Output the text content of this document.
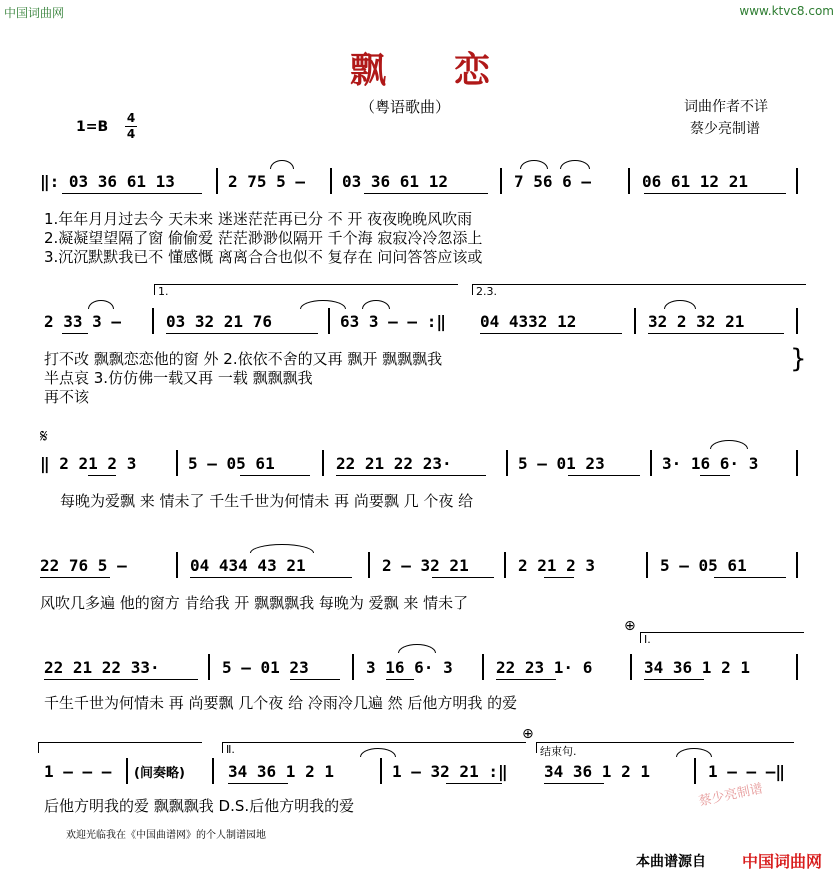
中国词曲网	www.ktvc8.com
飘恋
（粤语歌曲）	词曲作者不详
蔡少亮制谱
1=B
4
4
‖: 03 36 61 13	2 75 5 – 03 36 61 12	7 56 6 –	06 61 12 21
1.年年月月过去今 天未来 迷迷茫茫再已分 不 开 夜夜晚晚风吹雨
2.凝凝望望隔了窗 偷偷爱 茫茫渺渺似隔开 千个海 寂寂冷冷忽添上
3.沉沉默默我已不 懂感慨 离离合合也似不 复存在 问问答答应该或
1.	2.3.
2 33 3 –	03 32 21 76	63 3 – – :‖ 04 4332 12	32 2 32 21
打不改 飘飘恋恋他的窗 外 2.依依不舍的又再 飘开 飘飘飘我
半点哀 3.仿仿佛一载又再 一载 飘飘飘我
再不该
}
𝄋
‖ 2 21 2 3	5 – 05 61	22 21 22 23·	5 – 01 23	3· 16 6· 3
每晚为爱飘 来 情未了 千生千世为何情未 再 尚要飘 几 个夜 给
22 76 5 –	04 434 43 21	2 – 32 21	2 21 2 3	5 – 05 61
风吹几多遍 他的窗方 肯给我 开 飘飘飘我 每晚为 爱飘 来 情未了
⊕
Ⅰ.
22 21 22 33·	5 – 01 23	3 16 6· 3	22 23 1· 6	34 36 1 2 1
千生千世为何情未 再 尚要飘 几个夜 给 冷雨冷几遍 然 后他方明我 的爱
Ⅱ.
⊕
结束句.
1 – – – (间奏略)	34 36 1 2 1	1 – 32 21 :‖ 34 36 1 2 1	1 – – –‖
后他方明我的爱 飘飘飘我 D.S.后他方明我的爱	蔡少亮制谱
欢迎光临我在《中国曲谱网》的个人制谱园地
本曲谱源自 中国词曲网
